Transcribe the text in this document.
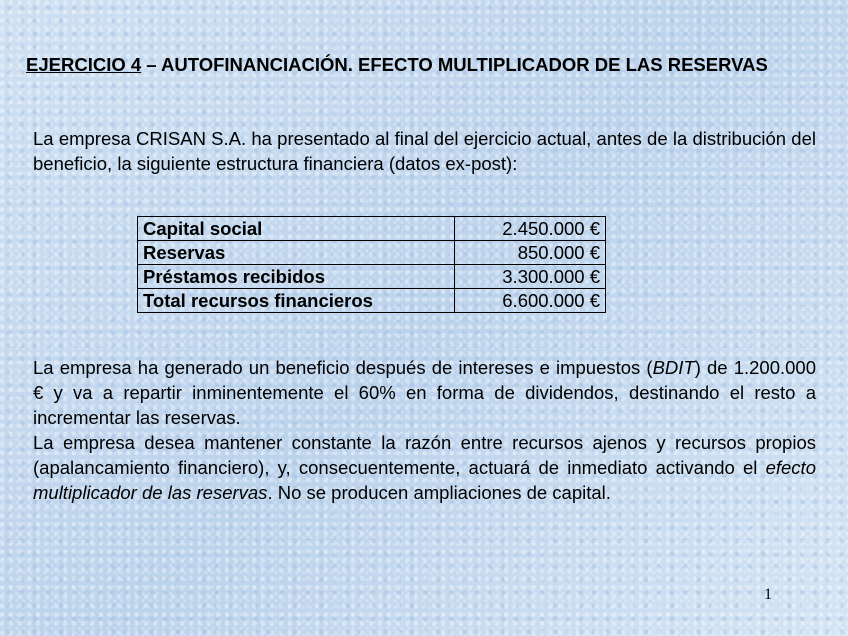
EJERCICIO 4 – AUTOFINANCIACIÓN. EFECTO MULTIPLICADOR DE LAS RESERVAS
La empresa CRISAN S.A. ha presentado al final del ejercicio actual, antes de la distribución del beneficio, la siguiente estructura financiera (datos ex-post):
Capital social	2.450.000 €
Reservas	850.000 €
Préstamos recibidos	3.300.000 €
Total recursos financieros	6.600.000 €
La empresa ha generado un beneficio después de intereses e impuestos (BDIT) de 1.200.000 € y va a repartir inminentemente el 60% en forma de dividendos, destinando el resto a incrementar las reservas.
La empresa desea mantener constante la razón entre recursos ajenos y recursos propios (apalancamiento financiero), y, consecuentemente, actuará de inmediato activando el efecto multiplicador de las reservas. No se producen ampliaciones de capital.
1
